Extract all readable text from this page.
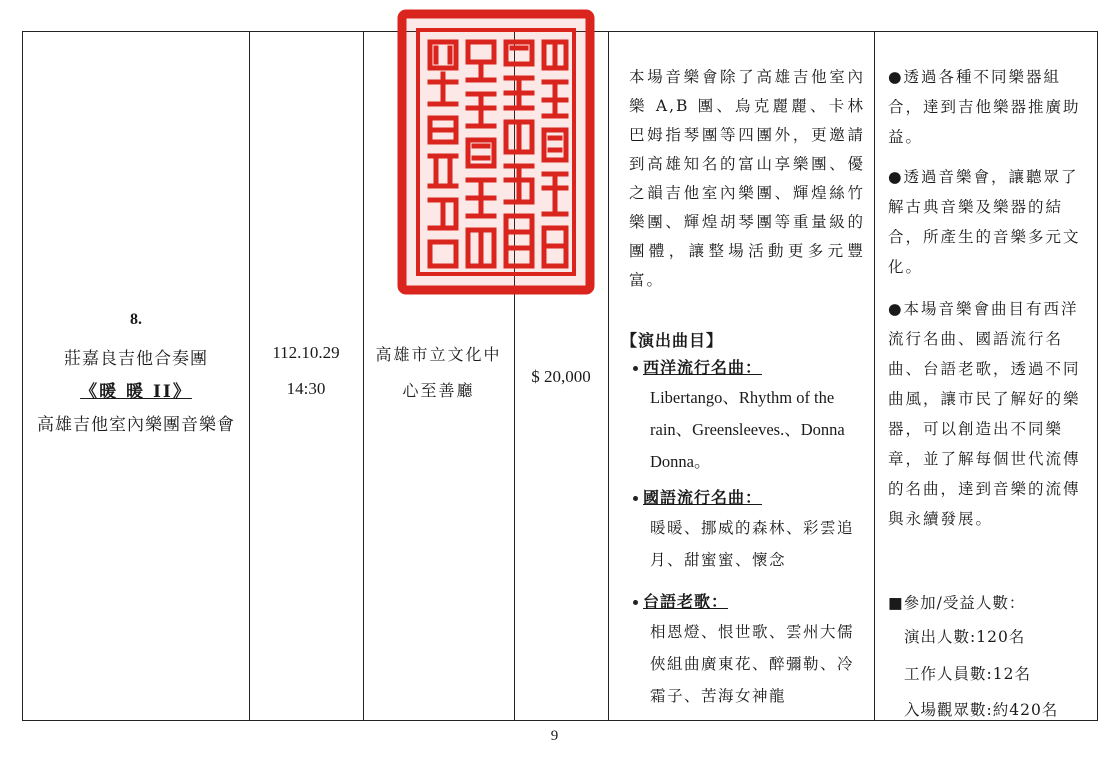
8.
莊嘉良吉他合奏團
《暖 暖 II》
高雄吉他室內樂團音樂會
112.10.29
14:30
高雄市立文化中心至善廳
$ 20,000
本場音樂會除了高雄吉他室內樂 A,B 團、烏克麗麗、卡林巴姆指琴團等四團外，更邀請到高雄知名的富山享樂團、優之韻吉他室內樂團、輝煌絲竹樂團、輝煌胡琴團等重量級的團體，讓整場活動更多元豐富。
【演出曲目】
西洋流行名曲：
Libertango、Rhythm of the rain、Greensleeves.、Donna Donna。
國語流行名曲：
暖暖、挪威的森林、彩雲追月、甜蜜蜜、懷念
台語老歌：
相恩燈、恨世歌、雲州大儒俠組曲廣東花、醉彌勒、冷霜子、苦海女神龍
●透過各種不同樂器組合，達到吉他樂器推廣助益。
●透過音樂會，讓聽眾了解古典音樂及樂器的結合，所產生的音樂多元文化。
●本場音樂會曲目有西洋流行名曲、國語流行名曲、台語老歌，透過不同曲風，讓市民了解好的樂器，可以創造出不同樂章，並了解每個世代流傳的名曲，達到音樂的流傳與永續發展。
■參加/受益人數：
演出人數:120名
工作人員數:12名
入場觀眾數:約420名
9
